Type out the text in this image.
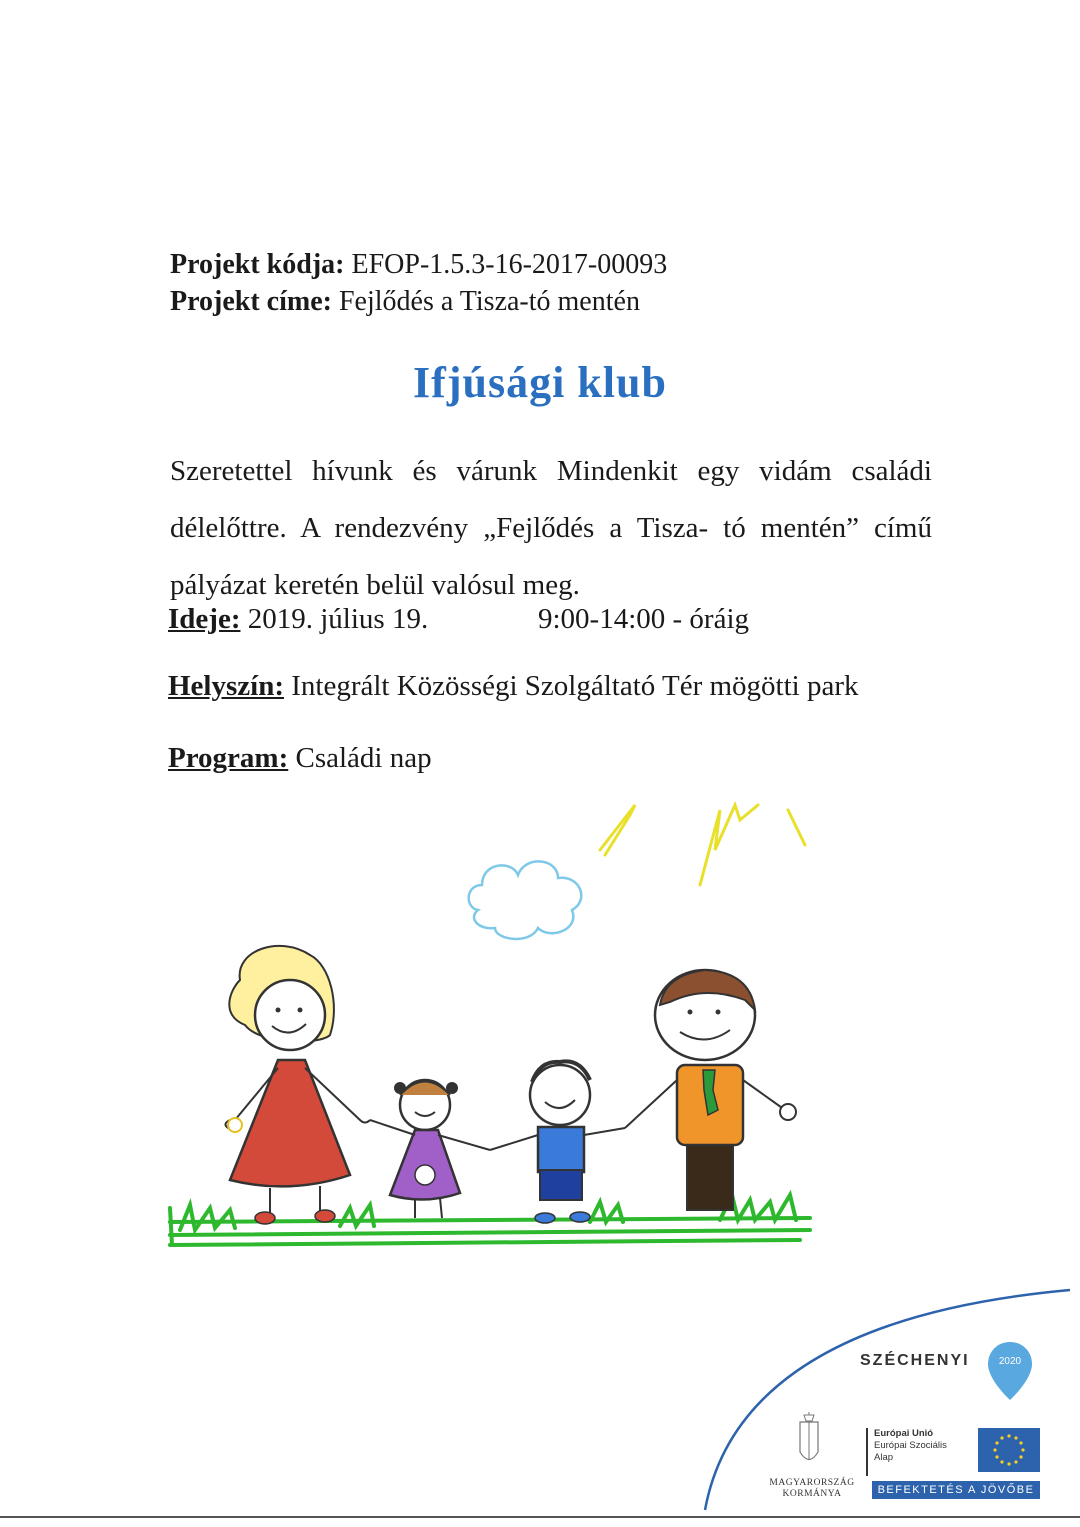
Projekt kódja: EFOP-1.5.3-16-2017-00093
Projekt címe: Fejlődés a Tisza-tó mentén
Ifjúsági klub
Szeretettel hívunk és várunk Mindenkit egy vidám családi délelőttre. A rendezvény „Fejlődés a Tisza- tó mentén” című pályázat keretén belül valósul meg.
Ideje: 2019. július 19.	9:00-14:00 - óráig
Helyszín: Integrált Közösségi Szolgáltató Tér mögötti park
Program: Családi nap
SZÉCHENYI	2020
MAGYARORSZÁG
KORMÁNYA
Európai Unió
Európai Szociális
Alap
BEFEKTETÉS A JÖVŐBE
